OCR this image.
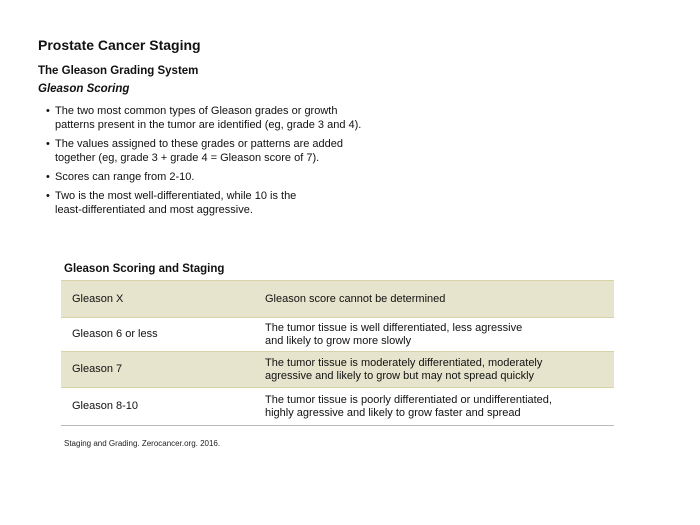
Prostate Cancer Staging
The Gleason Grading System
Gleason Scoring
• The two most common types of Gleason grades or growth
patterns present in the tumor are identified (eg, grade 3 and 4).
• The values assigned to these grades or patterns are added
together (eg, grade 3 + grade 4 = Gleason score of 7).
• Scores can range from 2-10.
• Two is the most well-differentiated, while 10 is the
least-differentiated and most aggressive.
Gleason Scoring and Staging
Gleason X	Gleason score cannot be determined
Gleason 6 or less	The tumor tissue is well differentiated, less agressive
and likely to grow more slowly
Gleason 7	The tumor tissue is moderately differentiated, moderately
agressive and likely to grow but may not spread quickly
Gleason 8-10	The tumor tissue is poorly differentiated or undifferentiated,
highly agressive and likely to grow faster and spread

Staging and Grading. Zerocancer.org. 2016.
